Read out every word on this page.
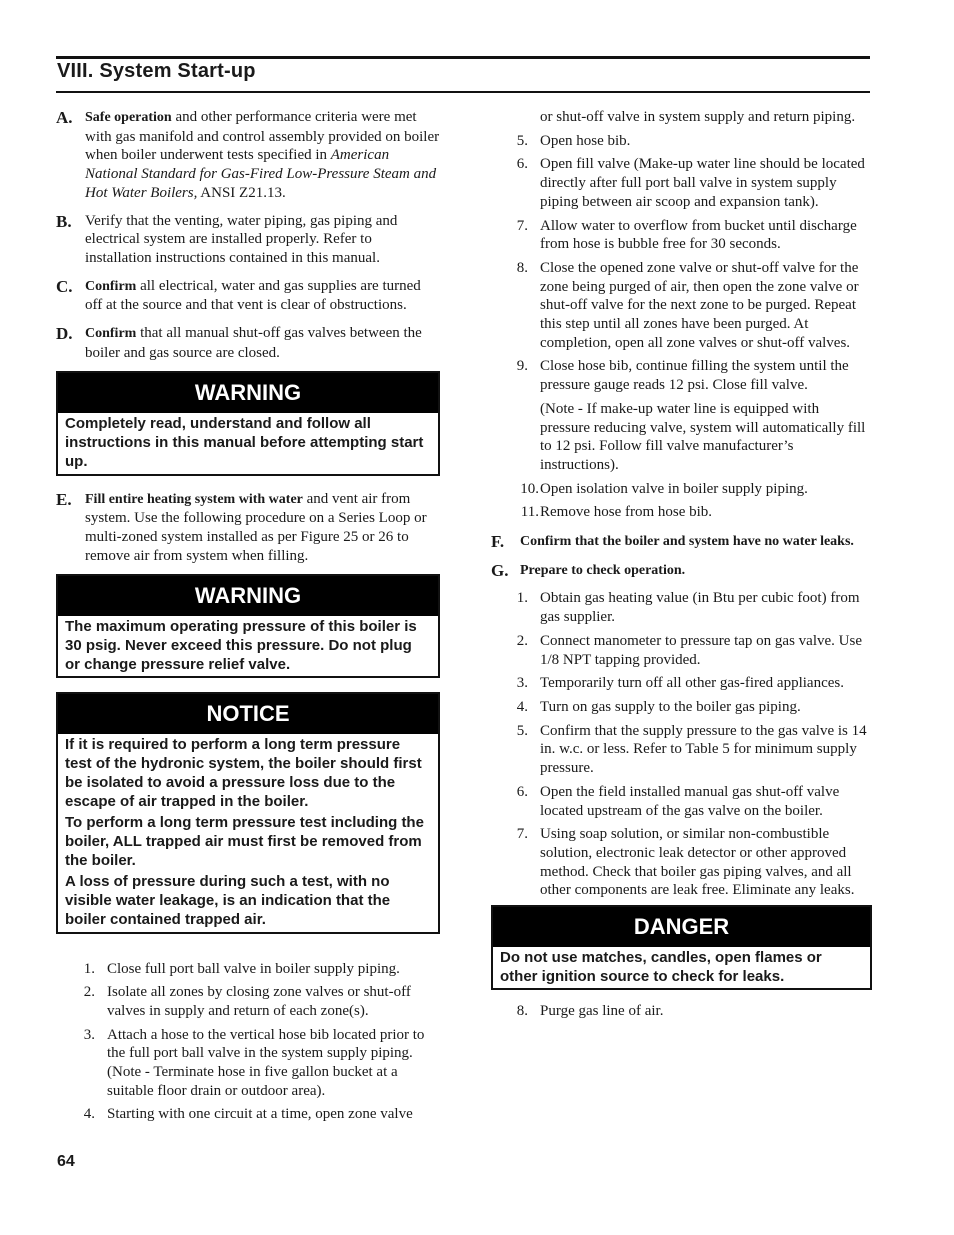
VIII. System Start-up
A. Safe operation and other performance criteria were met with gas manifold and control assembly provided on boiler when boiler underwent tests specified in American National Standard for Gas-Fired Low-Pressure Steam and Hot Water Boilers, ANSI Z21.13.
B. Verify that the venting, water piping, gas piping and electrical system are installed properly. Refer to installation instructions contained in this manual.
C. Confirm all electrical, water and gas supplies are turned off at the source and that vent is clear of obstructions.
D. Confirm that all manual shut-off gas valves between the boiler and gas source are closed.
WARNING

Completely read, understand and follow all instructions in this manual before attempting start up.

E. Fill entire heating system with water and vent air from system. Use the following procedure on a Series Loop or multi-zoned system installed as per Figure 25 or 26 to remove air from system when filling.
WARNING

The maximum operating pressure of this boiler is 30 psig. Never exceed this pressure. Do not plug or change pressure relief valve.

NOTICE

If it is required to perform a long term pressure test of the hydronic system, the boiler should first be isolated to avoid a pressure loss due to the escape of air trapped in the boiler.

To perform a long term pressure test including the boiler, ALL trapped air must first be removed from the boiler.

A loss of pressure during such a test, with no visible water leakage, is an indication that the boiler contained trapped air.

1. Close full port ball valve in boiler supply piping.
2. Isolate all zones by closing zone valves or shut-off valves in supply and return of each zone(s).
3. Attach a hose to the vertical hose bib located prior to the full port ball valve in the system supply piping. (Note - Terminate hose in five gallon bucket at a suitable floor drain or outdoor area).
4. Starting with one circuit at a time, open zone valve
or shut-off valve in system supply and return piping.
5. Open hose bib.
6. Open fill valve (Make-up water line should be located directly after full port ball valve in system supply piping between air scoop and expansion tank).
7. Allow water to overflow from bucket until discharge from hose is bubble free for 30 seconds.
8. Close the opened zone valve or shut-off valve for the zone being purged of air, then open the zone valve or shut-off valve for the next zone to be purged. Repeat this step until all zones have been purged. At completion, open all zone valves or shut-off valves.
9. Close hose bib, continue filling the system until the pressure gauge reads 12 psi. Close fill valve.
(Note - If make-up water line is equipped with pressure reducing valve, system will automatically fill to 12 psi. Follow fill valve manufacturer’s instructions).
10. Open isolation valve in boiler supply piping.
11. Remove hose from hose bib.
F.	Confirm that the boiler and system have no water leaks.
G. Prepare to check operation.
1. Obtain gas heating value (in Btu per cubic foot) from gas supplier.
2. Connect manometer to pressure tap on gas valve. Use 1/8 NPT tapping provided.
3. Temporarily turn off all other gas-fired appliances.
4. Turn on gas supply to the boiler gas piping.
5. Confirm that the supply pressure to the gas valve is 14 in. w.c. or less. Refer to Table 5 for minimum supply pressure.
6. Open the field installed manual gas shut-off valve located upstream of the gas valve on the boiler.
7. Using soap solution, or similar non-combustible solution, electronic leak detector or other approved method. Check that boiler gas piping valves, and all other components are leak free. Eliminate any leaks.
DANGER

Do not use matches, candles, open flames or other ignition source to check for leaks.

8. Purge gas line of air.
64
